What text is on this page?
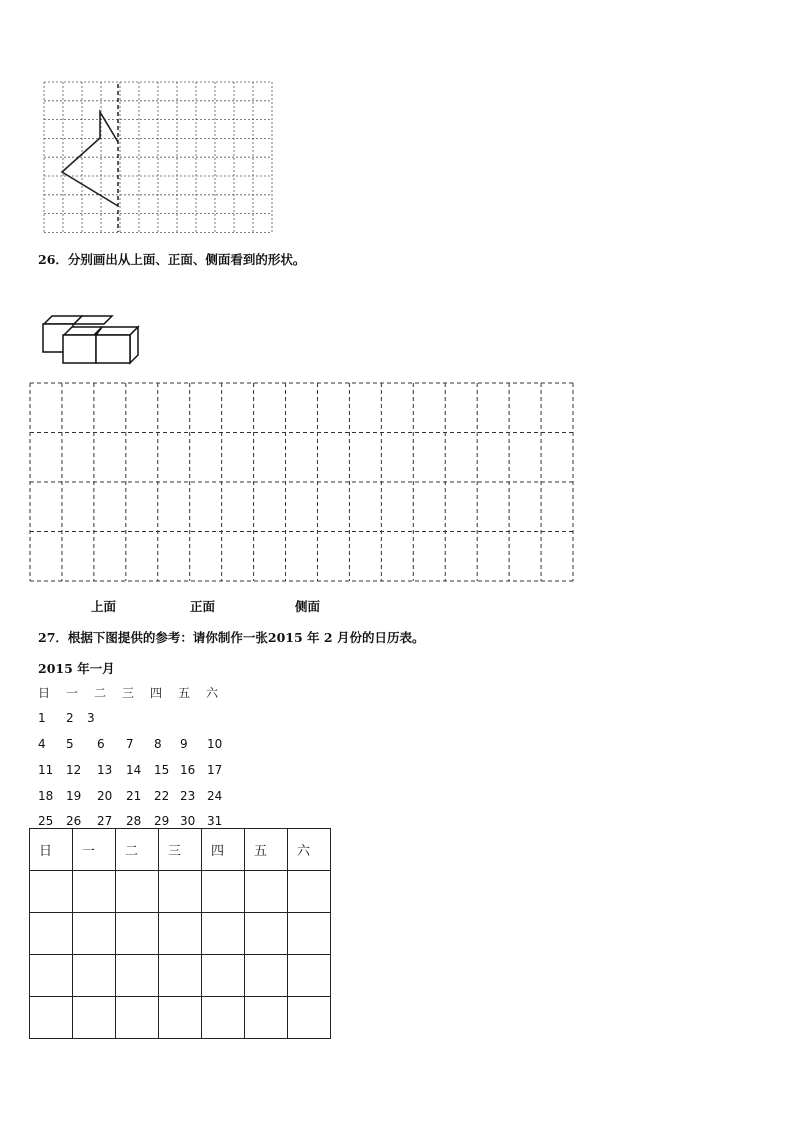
26．分别画出从上面、正面、侧面看到的形状。
上面	正面	侧面
27．根据下图提供的参考：请你制作一张2015 年 2 月份的日历表。
2015 年一月
日 一 二 三 四 五 六
1 2 3
4 5 6 7 8 9 10
11 12 13 14 15 16 17
18 19 20 21 22 23 24
25 26 27 28 29 30 31
日	一	二	三	四	五	六
